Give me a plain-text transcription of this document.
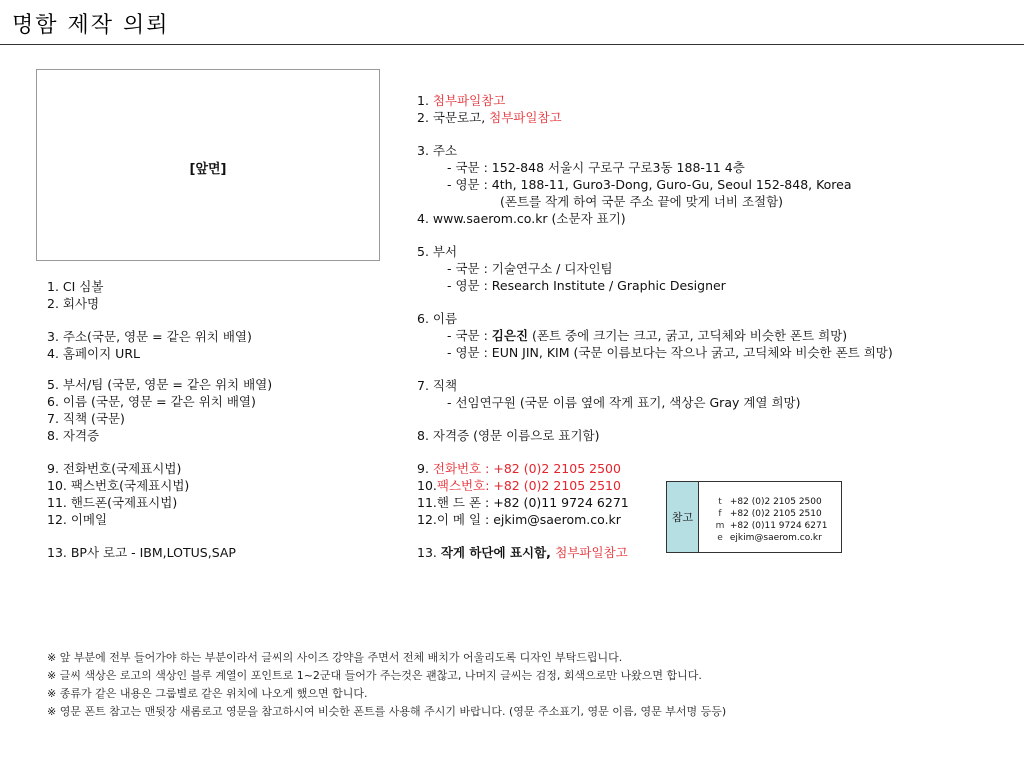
명함 제작 의뢰
[앞면]
1. CI 심볼
2. 회사명
3. 주소(국문, 영문 = 같은 위치 배열)
4. 홈페이지 URL
5. 부서/팀 (국문, 영문 = 같은 위치 배열)
6. 이름 (국문, 영문 = 같은 위치 배열)
7. 직책 (국문)
8. 자격증
9. 전화번호(국제표시법)
10. 팩스번호(국제표시법)
11. 핸드폰(국제표시법)
12. 이메일
13. BP사 로고 - IBM,LOTUS,SAP
1. 첨부파일참고
2. 국문로고, 첨부파일참고
3. 주소
- 국문 : 152-848 서울시 구로구 구로3동 188-11 4층
- 영문 : 4th, 188-11, Guro3-Dong, Guro-Gu, Seoul 152-848, Korea
(폰트를 작게 하여 국문 주소 끝에 맞게 너비 조절함)
4. www.saerom.co.kr (소문자 표기)
5. 부서
- 국문 : 기술연구소 / 디자인팀
- 영문 : Research Institute / Graphic Designer
6. 이름
- 국문 : 김은진 (폰트 중에 크기는 크고, 굵고, 고딕체와 비슷한 폰트 희망)
- 영문 : EUN JIN, KIM (국문 이름보다는 작으나 굵고, 고딕체와 비슷한 폰트 희망)
7. 직책
- 선임연구원 (국문 이름 옆에 작게 표기, 색상은 Gray 계열 희망)
8. 자격증 (영문 이름으로 표기함)
9. 전화번호 : +82 (0)2 2105 2500
10.팩스번호: +82 (0)2 2105 2510
11.핸 드 폰 : +82 (0)11 9724 6271
12.이 메 일 : ejkim@saerom.co.kr
13. 작게 하단에 표시함, 첨부파일참고
참고
t +82 (0)2 2105 2500
f +82 (0)2 2105 2510
m +82 (0)11 9724 6271
e ejkim@saerom.co.kr
※ 앞 부분에 전부 들어가야 하는 부분이라서 글씨의 사이즈 강약을 주면서 전체 배치가 어울리도록 디자인 부탁드립니다.
※ 글씨 색상은 로고의 색상인 블루 계열이 포인트로 1~2군대 들어가 주는것은 괜찮고, 나머지 글씨는 검정, 회색으로만 나왔으면 합니다.
※ 종류가 같은 내용은 그룹별로 같은 위치에 나오게 했으면 합니다.
※ 영문 폰트 참고는 맨뒷장 새롬로고 영문을 참고하시여 비슷한 폰트를 사용해 주시기 바랍니다. (영문 주소표기, 영문 이름, 영문 부서명 등등)
